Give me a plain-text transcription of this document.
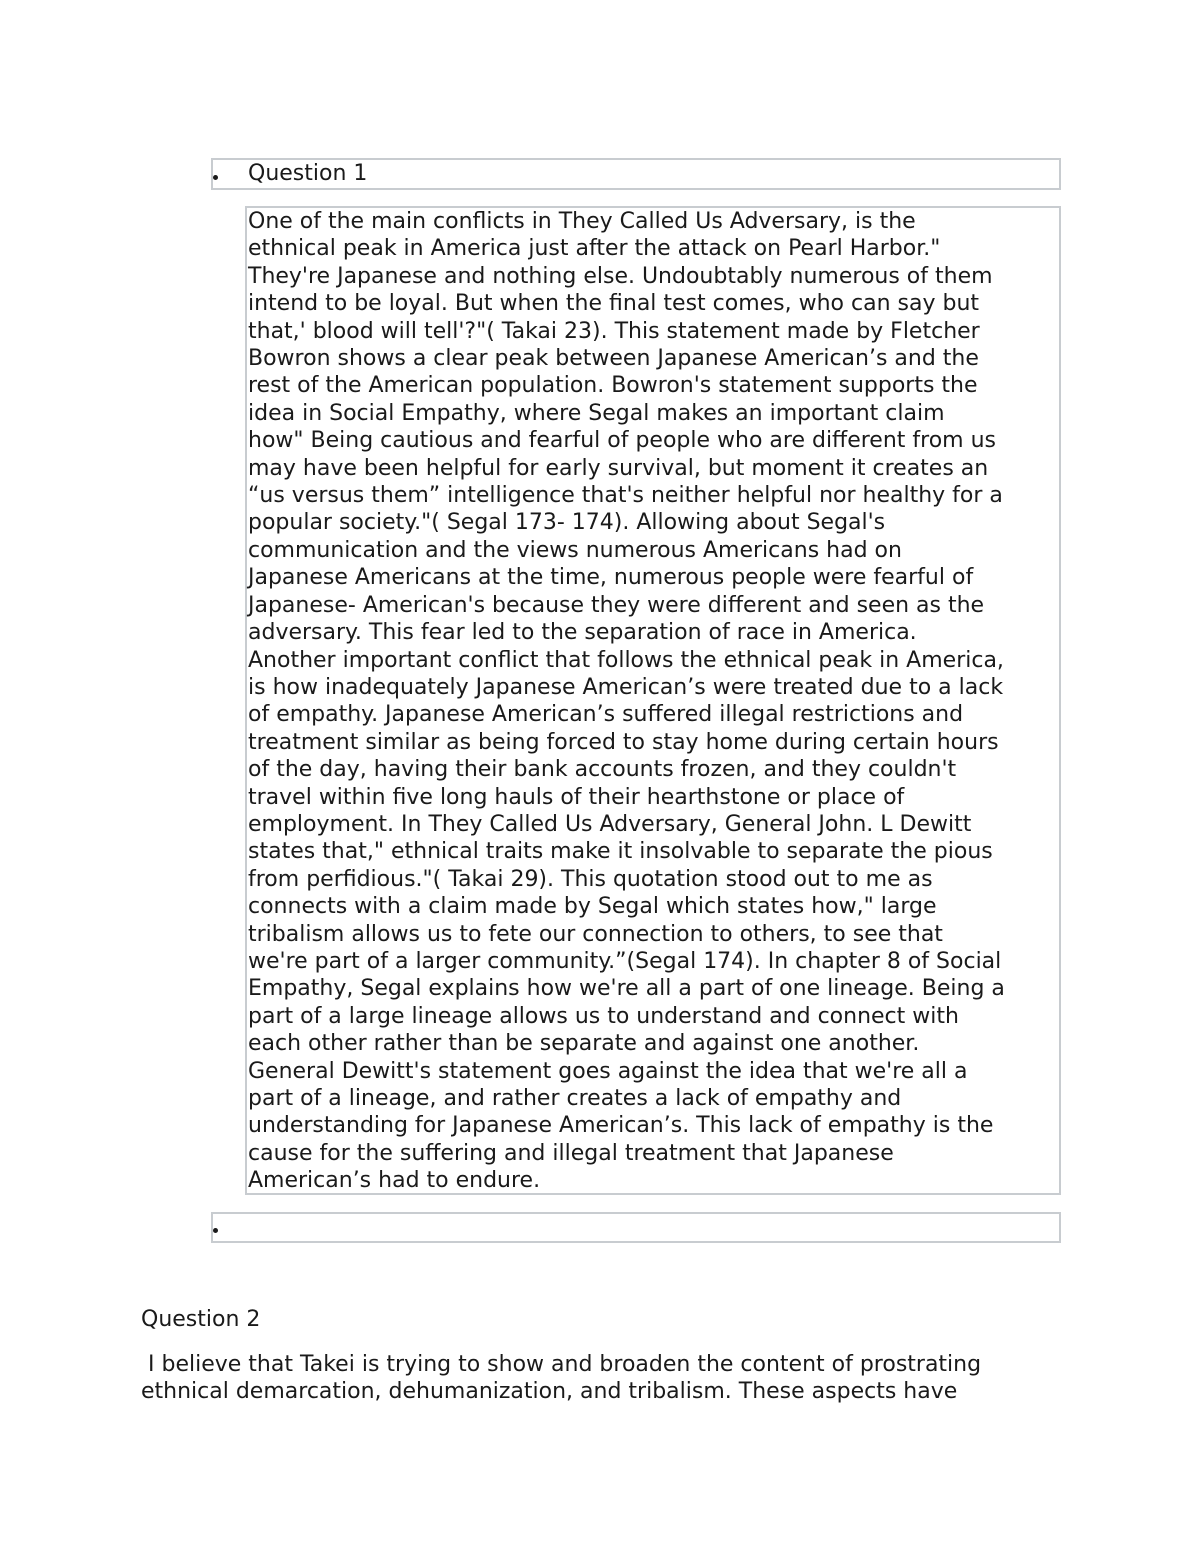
Question 1
One of the main conflicts in They Called Us Adversary, is the
ethnical peak in America just after the attack on Pearl Harbor."
They're Japanese and nothing else. Undoubtably numerous of them
intend to be loyal. But when the final test comes, who can say but
that,' blood will tell'?"( Takai 23). This statement made by Fletcher
Bowron shows a clear peak between Japanese American’s and the
rest of the American population. Bowron's statement supports the
idea in Social Empathy, where Segal makes an important claim
how" Being cautious and fearful of people who are different from us
may have been helpful for early survival, but moment it creates an
“us versus them” intelligence that's neither helpful nor healthy for a
popular society."( Segal 173- 174). Allowing about Segal's
communication and the views numerous Americans had on
Japanese Americans at the time, numerous people were fearful of
Japanese- American's because they were different and seen as the
adversary. This fear led to the separation of race in America.
Another important conflict that follows the ethnical peak in America,
is how inadequately Japanese American’s were treated due to a lack
of empathy. Japanese American’s suffered illegal restrictions and
treatment similar as being forced to stay home during certain hours
of the day, having their bank accounts frozen, and they couldn't
travel within five long hauls of their hearthstone or place of
employment. In They Called Us Adversary, General John. L Dewitt
states that," ethnical traits make it insolvable to separate the pious
from perfidious."( Takai 29). This quotation stood out to me as
connects with a claim made by Segal which states how," large
tribalism allows us to fete our connection to others, to see that
we're part of a larger community.”(Segal 174). In chapter 8 of Social
Empathy, Segal explains how we're all a part of one lineage. Being a
part of a large lineage allows us to understand and connect with
each other rather than be separate and against one another.
General Dewitt's statement goes against the idea that we're all a
part of a lineage, and rather creates a lack of empathy and
understanding for Japanese American’s. This lack of empathy is the
cause for the suffering and illegal treatment that Japanese
American’s had to endure.
Question 2
I believe that Takei is trying to show and broaden the content of prostrating
ethnical demarcation, dehumanization, and tribalism. These aspects have
